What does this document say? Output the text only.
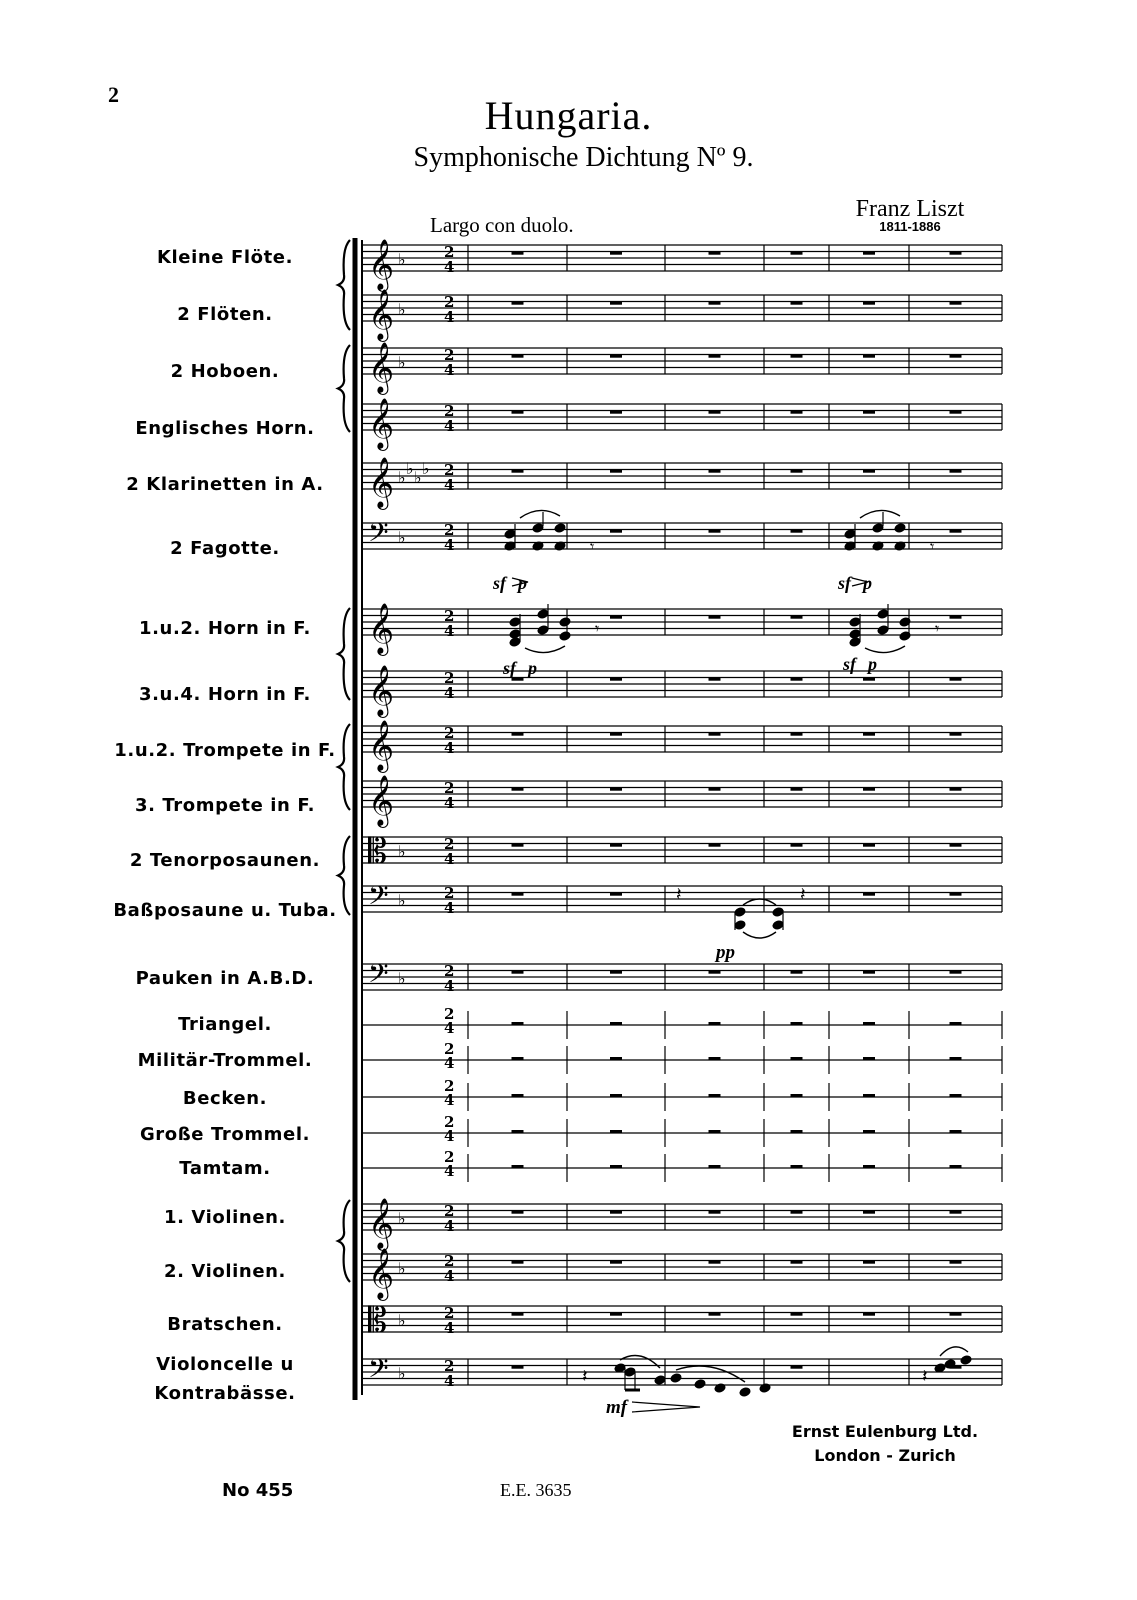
2	Hungaria.
Symphonische Dichtung Nº 9.
Franz Liszt
1811-1886
Largo con duolo.
Kleine Flöte.
2 Flöten.
2 Hoboen.
Englisches Horn.
2 Klarinetten in A.
2 Fagotte.
1.u.2. Horn in F.
3.u.4. Horn in F.
1.u.2. Trompete in F.
3. Trompete in F.
2 Tenorposaunen.
Baßposaune u. Tuba.
Pauken in A.B.D.
Triangel.
Militär-Trommel.
Becken.
Große Trommel.
Tamtam.
1. Violinen.
2. Violinen.
Bratschen.
Violoncelle u
Kontrabässe.
𝄞 ♭
𝄞 ♭
𝄞 ♭
𝄞
𝄞 ♭ ♭ ♭ ♭
𝄢 ♭
𝄞
𝄞
𝄞
𝄞
𝄡 ♭
𝄢 ♭
𝄢 ♭
𝄞 ♭
𝄞 ♭
𝄡 ♭
𝄢 ♭
2
4
2
4
2
4
2
4
2
4
2
4
2
4
2
4
2
4
2
4
2
4
2
4
2
4
2
4
2
4
2
4
2
4
2
4
2
4
2
4
2
4
2
4
𝄾	𝄾
𝄾	𝄾
𝄽	𝄽
𝄽	𝄽
sf p	sf p
sf p	sf p
pp
mf
No 455	E.E. 3635
Ernst Eulenburg Ltd.
London - Zurich
